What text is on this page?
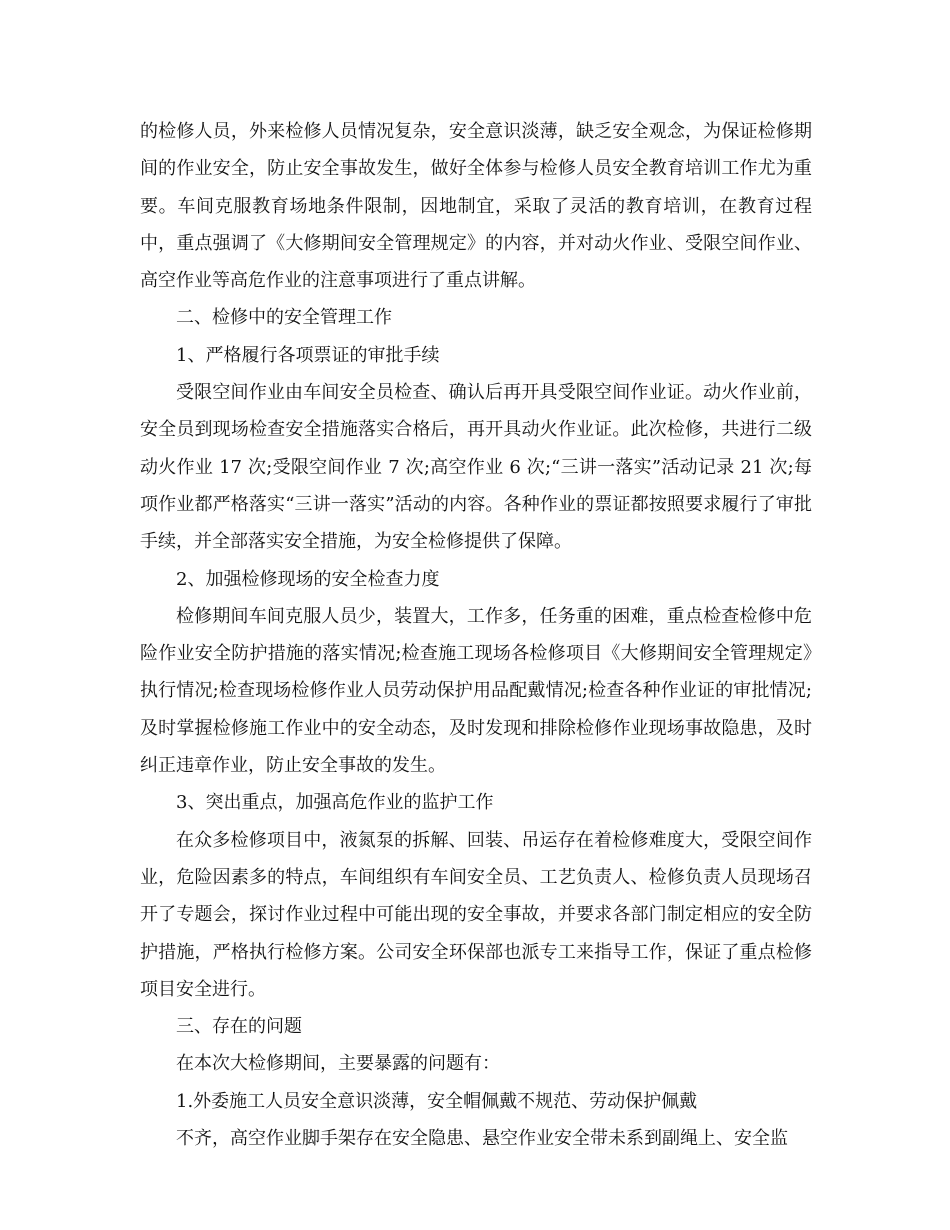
的检修人员，外来检修人员情况复杂，安全意识淡薄，缺乏安全观念，为保证检修期间的作业安全，防止安全事故发生，做好全体参与检修人员安全教育培训工作尤为重要。车间克服教育场地条件限制，因地制宜，采取了灵活的教育培训，在教育过程中，重点强调了《大修期间安全管理规定》的内容，并对动火作业、受限空间作业、高空作业等高危作业的注意事项进行了重点讲解。

二、检修中的安全管理工作

1、严格履行各项票证的审批手续

受限空间作业由车间安全员检查、确认后再开具受限空间作业证。动火作业前，安全员到现场检查安全措施落实合格后，再开具动火作业证。此次检修，共进行二级动火作业 17 次;受限空间作业 7 次;高空作业 6 次;“三讲一落实”活动记录 21 次;每项作业都严格落实“三讲一落实”活动的内容。各种作业的票证都按照要求履行了审批手续，并全部落实安全措施，为安全检修提供了保障。

2、加强检修现场的安全检查力度

检修期间车间克服人员少，装置大，工作多，任务重的困难，重点检查检修中危险作业安全防护措施的落实情况;检查施工现场各检修项目《大修期间安全管理规定》执行情况;检查现场检修作业人员劳动保护用品配戴情况;检查各种作业证的审批情况;及时掌握检修施工作业中的安全动态，及时发现和排除检修作业现场事故隐患，及时纠正违章作业，防止安全事故的发生。

3、突出重点，加强高危作业的监护工作

在众多检修项目中，液氮泵的拆解、回装、吊运存在着检修难度大，受限空间作业，危险因素多的特点，车间组织有车间安全员、工艺负责人、检修负责人员现场召开了专题会，探讨作业过程中可能出现的安全事故，并要求各部门制定相应的安全防护措施，严格执行检修方案。公司安全环保部也派专工来指导工作，保证了重点检修项目安全进行。

三、存在的问题

在本次大检修期间，主要暴露的问题有：

1.外委施工人员安全意识淡薄，安全帽佩戴不规范、劳动保护佩戴

不齐，高空作业脚手架存在安全隐患、悬空作业安全带未系到副绳上、安全监
